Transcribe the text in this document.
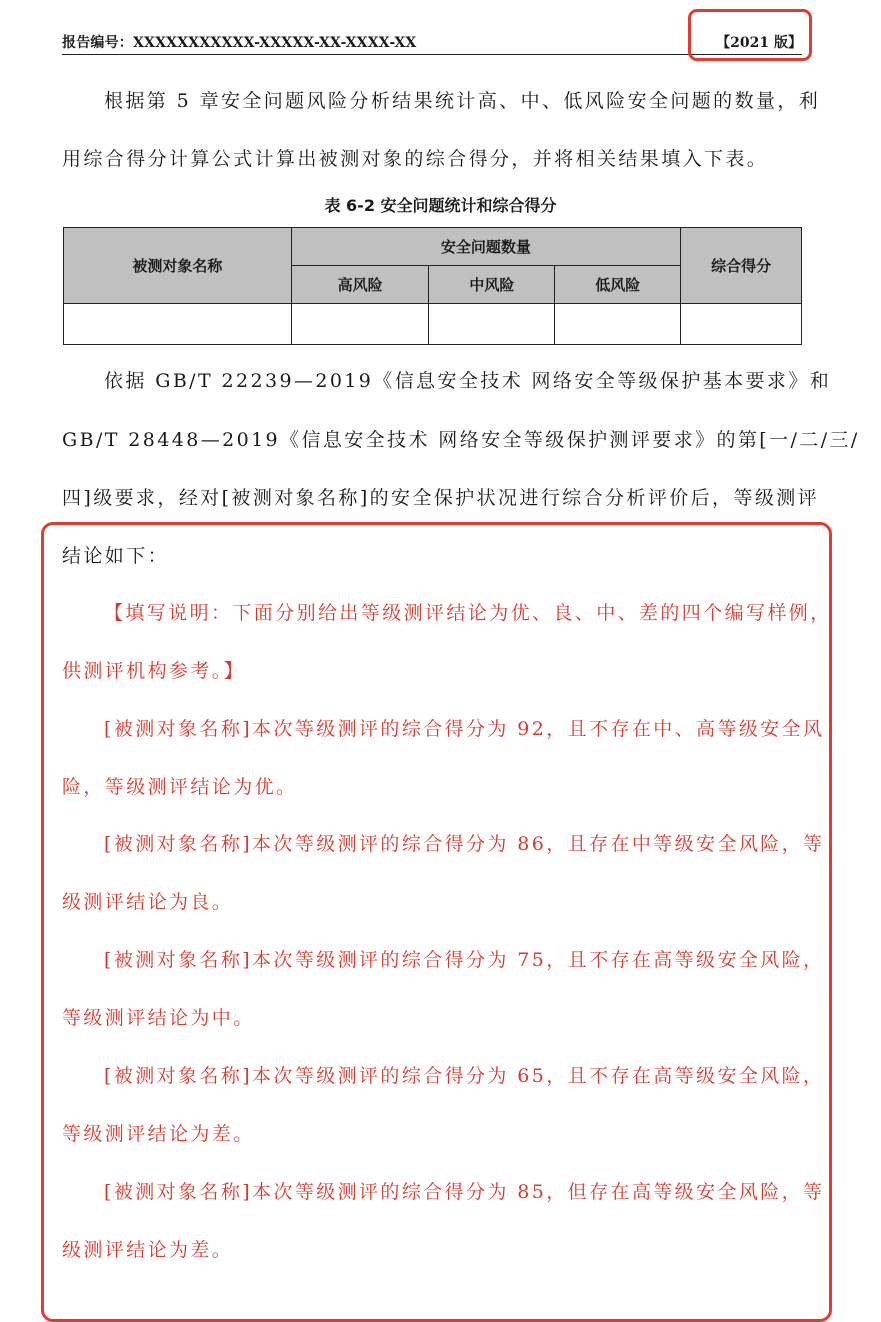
报告编号：XXXXXXXXXXX-XXXXX-XX-XXXX-XX	【2021 版】
根据第 5 章安全问题风险分析结果统计高、中、低风险安全问题的数量，利
用综合得分计算公式计算出被测对象的综合得分，并将相关结果填入下表。
表 6-2 安全问题统计和综合得分
被测对象名称	安全问题数量			综合得分
	高风险	中风险	低风险	

依据 GB/T 22239—2019《信息安全技术 网络安全等级保护基本要求》和
GB/T 28448—2019《信息安全技术 网络安全等级保护测评要求》的第[一/二/三/
四]级要求，经对[被测对象名称]的安全保护状况进行综合分析评价后，等级测评
结论如下：
【填写说明：下面分别给出等级测评结论为优、良、中、差的四个编写样例，
供测评机构参考。】
[被测对象名称]本次等级测评的综合得分为 92，且不存在中、高等级安全风
险，等级测评结论为优。
[被测对象名称]本次等级测评的综合得分为 86，且存在中等级安全风险，等
级测评结论为良。
[被测对象名称]本次等级测评的综合得分为 75，且不存在高等级安全风险，
等级测评结论为中。
[被测对象名称]本次等级测评的综合得分为 65，且不存在高等级安全风险，
等级测评结论为差。
[被测对象名称]本次等级测评的综合得分为 85，但存在高等级安全风险，等
级测评结论为差。
